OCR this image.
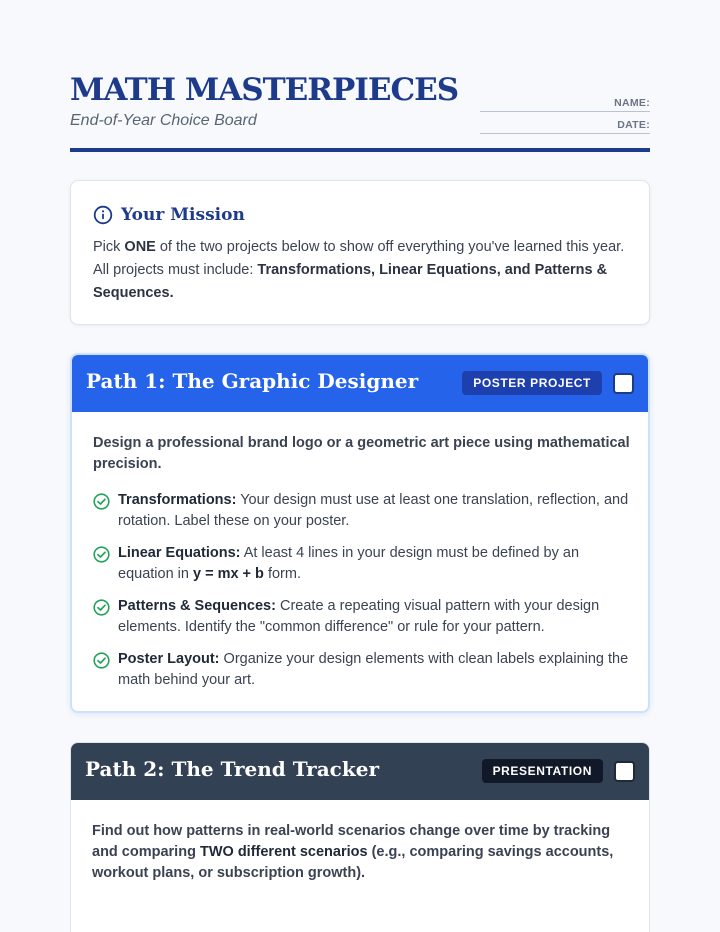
MATH MASTERPIECES
End-of-Year Choice Board
NAME:
DATE:
Your Mission

Pick ONE of the two projects below to show off everything you've learned this year. All projects must include: Transformations, Linear Equations, and Patterns & Sequences.

Path 1: The Graphic Designer	POSTER PROJECT

Design a professional brand logo or a geometric art piece using mathematical precision.

Transformations: Your design must use at least one translation, reflection, and rotation. Label these on your poster.
Linear Equations: At least 4 lines in your design must be defined by an equation in y = mx + b form.
Patterns & Sequences: Create a repeating visual pattern with your design elements. Identify the "common difference" or rule for your pattern.
Poster Layout: Organize your design elements with clean labels explaining the math behind your art.
Path 2: The Trend Tracker	PRESENTATION

Find out how patterns in real-world scenarios change over time by tracking and comparing TWO different scenarios (e.g., comparing savings accounts, workout plans, or subscription growth).
